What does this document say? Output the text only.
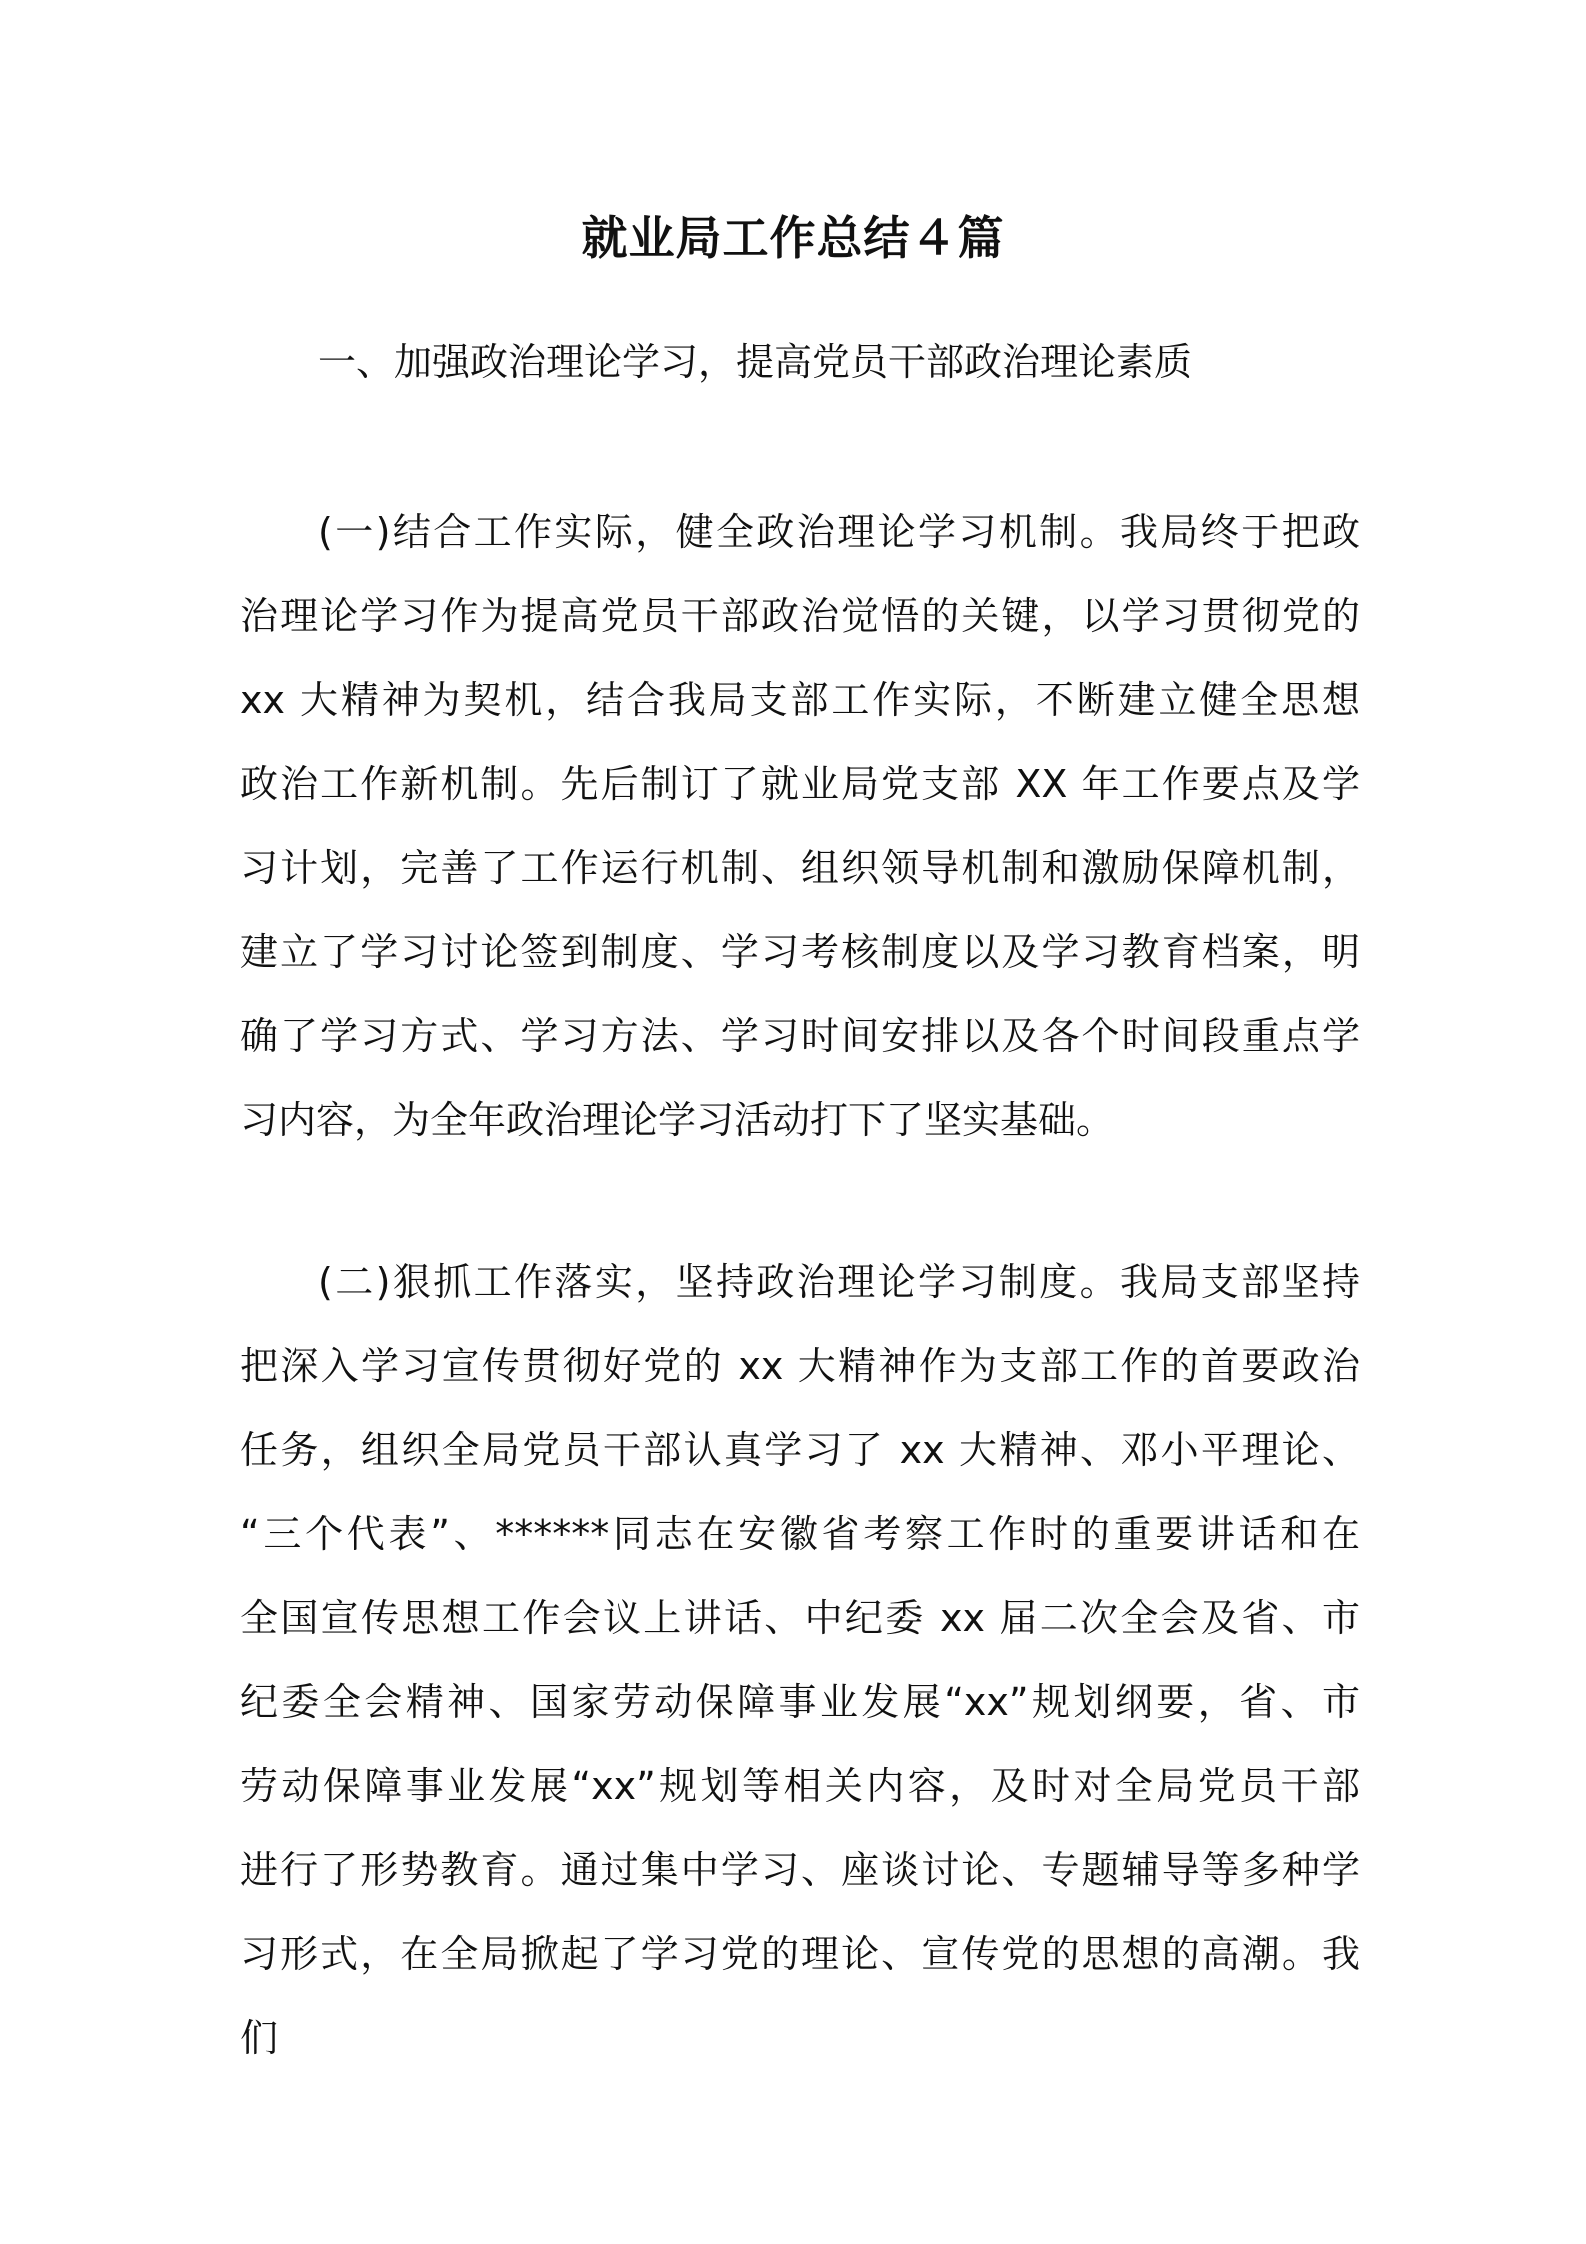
就业局工作总结４篇
一、加强政治理论学习，提高党员干部政治理论素质
(一)结合工作实际，健全政治理论学习机制。我局终于把政
治理论学习作为提高党员干部政治觉悟的关键，以学习贯彻党的
xx 大精神为契机，结合我局支部工作实际，不断建立健全思想
政治工作新机制。先后制订了就业局党支部 XX 年工作要点及学
习计划，完善了工作运行机制、组织领导机制和激励保障机制，
建立了学习讨论签到制度、学习考核制度以及学习教育档案，明
确了学习方式、学习方法、学习时间安排以及各个时间段重点学
习内容，为全年政治理论学习活动打下了坚实基础。
(二)狠抓工作落实，坚持政治理论学习制度。我局支部坚持
把深入学习宣传贯彻好党的 xx 大精神作为支部工作的首要政治
任务，组织全局党员干部认真学习了 xx 大精神、邓小平理论、
“三个代表”、******同志在安徽省考察工作时的重要讲话和在
全国宣传思想工作会议上讲话、中纪委 xx 届二次全会及省、市
纪委全会精神、国家劳动保障事业发展“xx”规划纲要，省、市
劳动保障事业发展“xx”规划等相关内容，及时对全局党员干部
进行了形势教育。通过集中学习、座谈讨论、专题辅导等多种学
习形式，在全局掀起了学习党的理论、宣传党的思想的高潮。我
们
